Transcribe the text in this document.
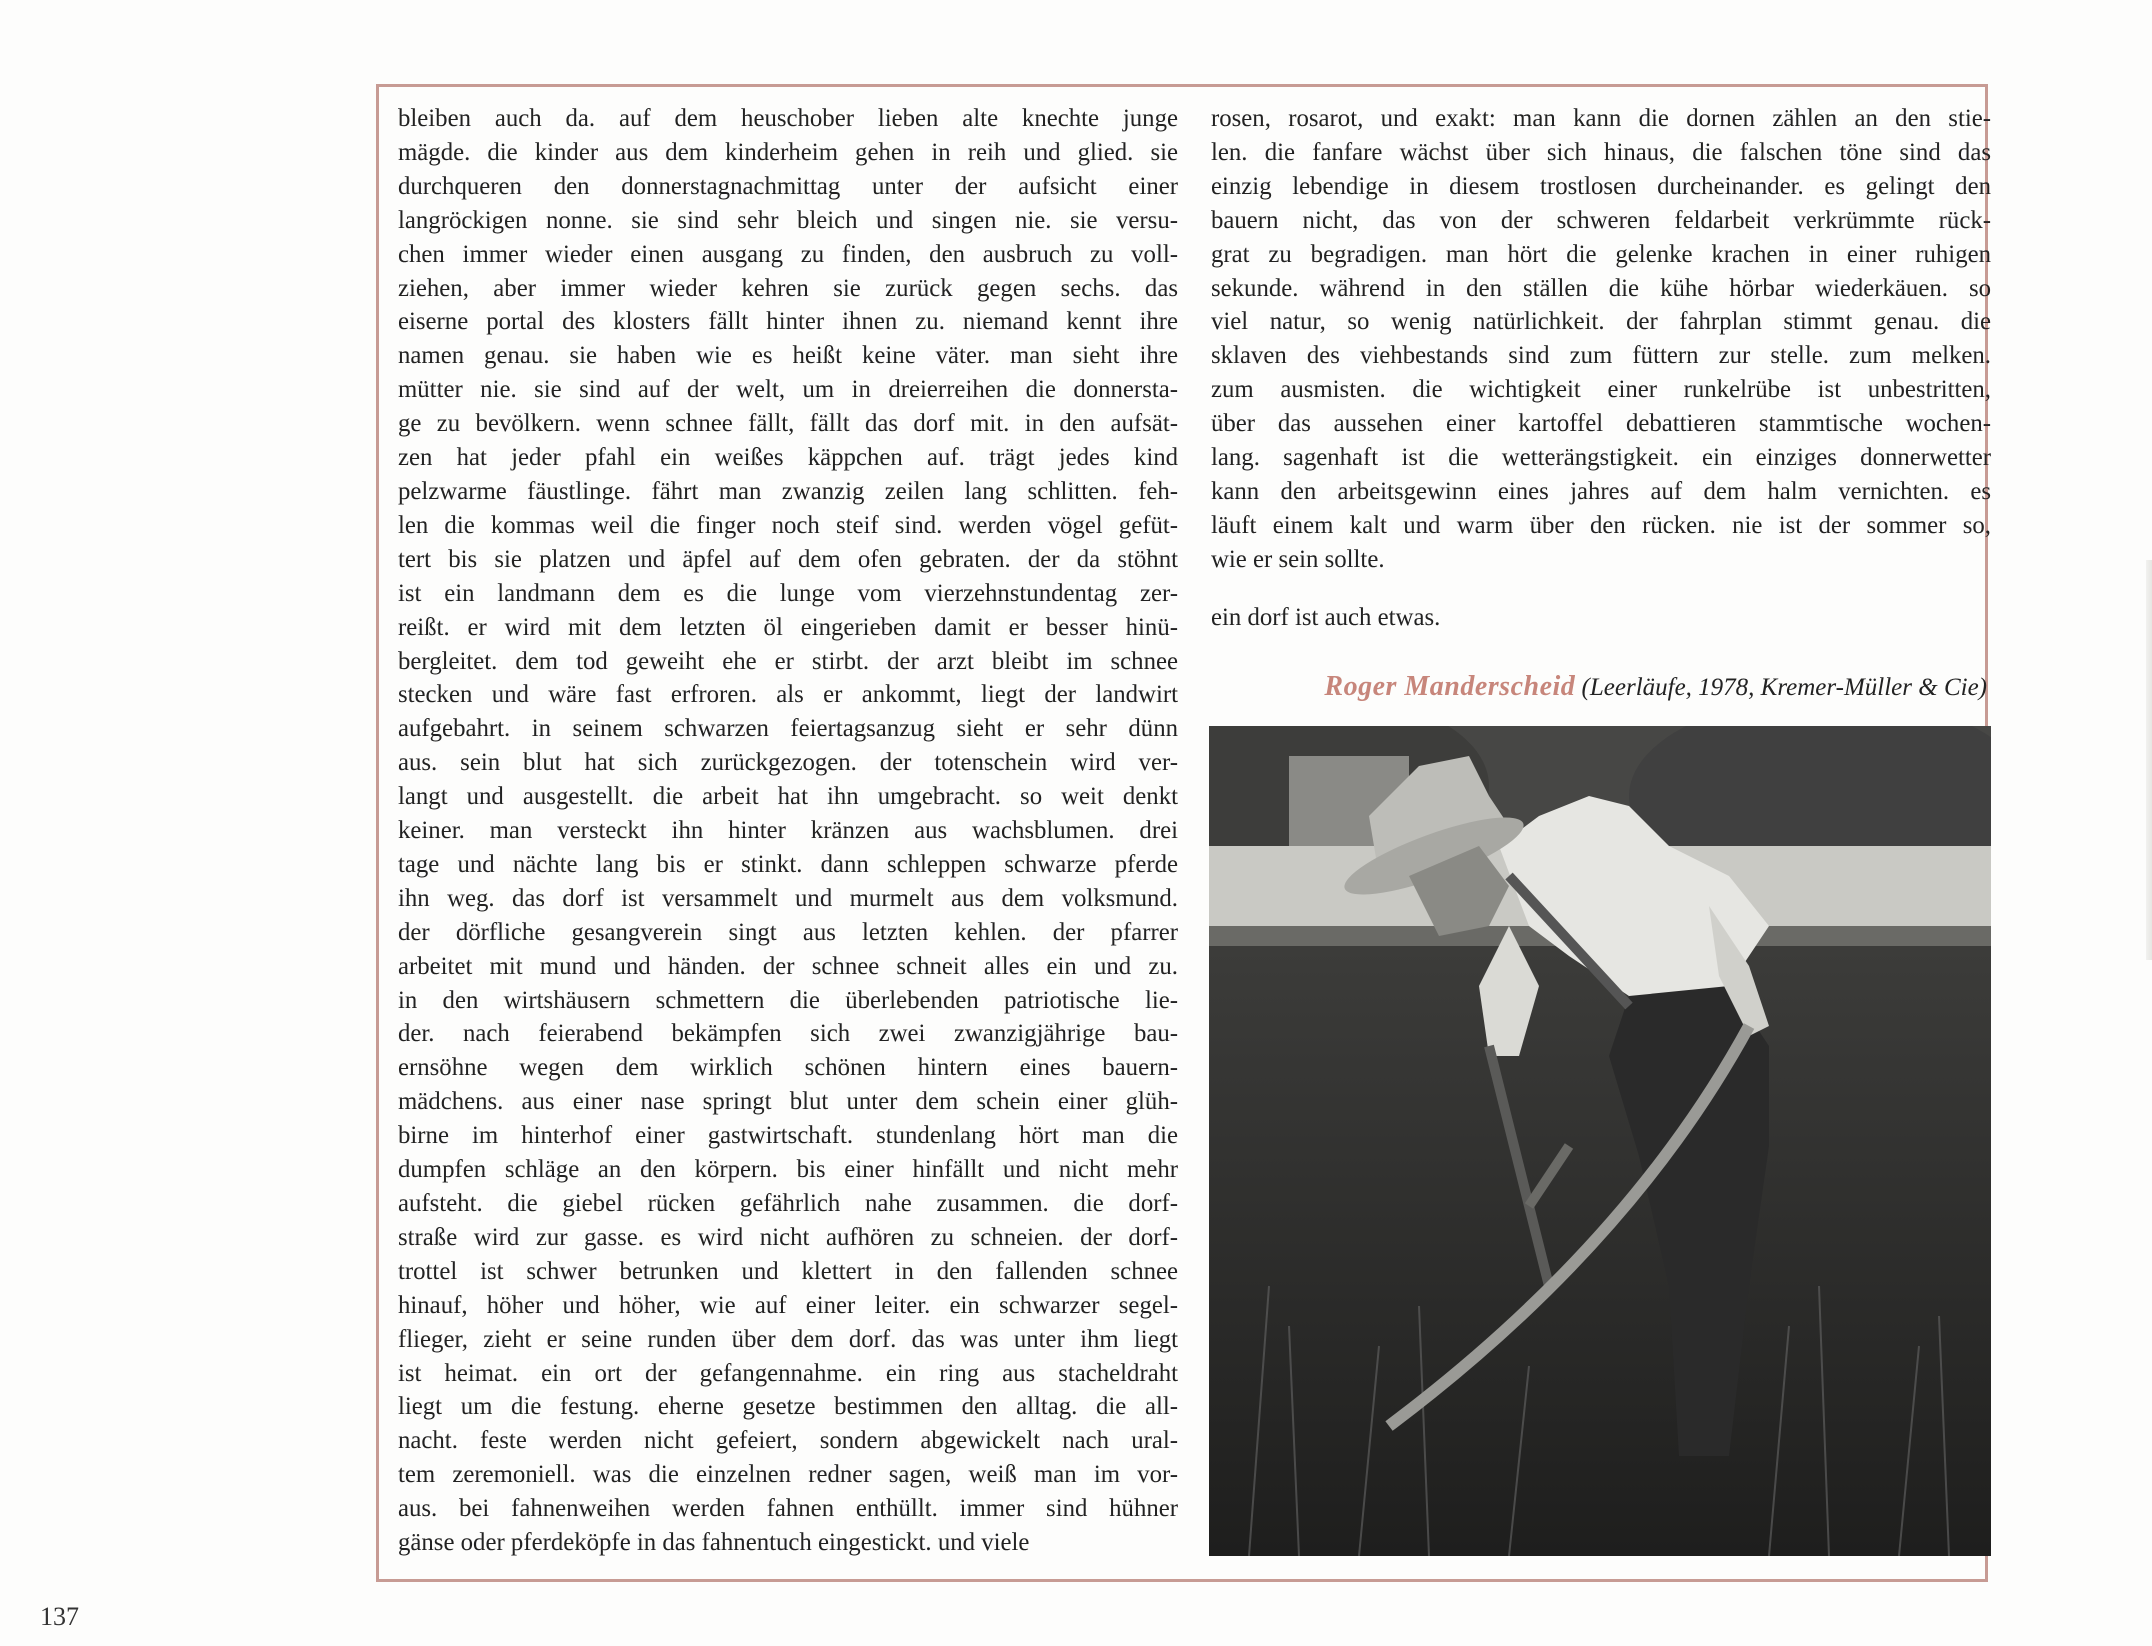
bleiben auch da. auf dem heuschober lieben alte knechte junge
mägde. die kinder aus dem kinderheim gehen in reih und glied. sie
durchqueren den donnerstagnachmittag unter der aufsicht einer
langröckigen nonne. sie sind sehr bleich und singen nie. sie versu-
chen immer wieder einen ausgang zu finden, den ausbruch zu voll-
ziehen, aber immer wieder kehren sie zurück gegen sechs. das
eiserne portal des klosters fällt hinter ihnen zu. niemand kennt ihre
namen genau. sie haben wie es heißt keine väter. man sieht ihre
mütter nie. sie sind auf der welt, um in dreierreihen die donnersta-
ge zu bevölkern. wenn schnee fällt, fällt das dorf mit. in den aufsät-
zen hat jeder pfahl ein weißes käppchen auf. trägt jedes kind
pelzwarme fäustlinge. fährt man zwanzig zeilen lang schlitten. feh-
len die kommas weil die finger noch steif sind. werden vögel gefüt-
tert bis sie platzen und äpfel auf dem ofen gebraten. der da stöhnt
ist ein landmann dem es die lunge vom vierzehnstundentag zer-
reißt. er wird mit dem letzten öl eingerieben damit er besser hinü-
bergleitet. dem tod geweiht ehe er stirbt. der arzt bleibt im schnee
stecken und wäre fast erfroren. als er ankommt, liegt der landwirt
aufgebahrt. in seinem schwarzen feiertagsanzug sieht er sehr dünn
aus. sein blut hat sich zurückgezogen. der totenschein wird ver-
langt und ausgestellt. die arbeit hat ihn umgebracht. so weit denkt
keiner. man versteckt ihn hinter kränzen aus wachsblumen. drei
tage und nächte lang bis er stinkt. dann schleppen schwarze pferde
ihn weg. das dorf ist versammelt und murmelt aus dem volksmund.
der dörfliche gesangverein singt aus letzten kehlen. der pfarrer
arbeitet mit mund und händen. der schnee schneit alles ein und zu.
in den wirtshäusern schmettern die überlebenden patriotische lie-
der. nach feierabend bekämpfen sich zwei zwanzigjährige bau-
ernsöhne wegen dem wirklich schönen hintern eines bauern-
mädchens. aus einer nase springt blut unter dem schein einer glüh-
birne im hinterhof einer gastwirtschaft. stundenlang hört man die
dumpfen schläge an den körpern. bis einer hinfällt und nicht mehr
aufsteht. die giebel rücken gefährlich nahe zusammen. die dorf-
straße wird zur gasse. es wird nicht aufhören zu schneien. der dorf-
trottel ist schwer betrunken und klettert in den fallenden schnee
hinauf, höher und höher, wie auf einer leiter. ein schwarzer segel-
flieger, zieht er seine runden über dem dorf. das was unter ihm liegt
ist heimat. ein ort der gefangennahme. ein ring aus stacheldraht
liegt um die festung. eherne gesetze bestimmen den alltag. die all-
nacht. feste werden nicht gefeiert, sondern abgewickelt nach ural-
tem zeremoniell. was die einzelnen redner sagen, weiß man im vor-
aus. bei fahnenweihen werden fahnen enthüllt. immer sind hühner
gänse oder pferdeköpfe in das fahnentuch eingestickt. und viele

rosen, rosarot, und exakt: man kann die dornen zählen an den stie-
len. die fanfare wächst über sich hinaus, die falschen töne sind das
einzig lebendige in diesem trostlosen durcheinander. es gelingt den
bauern nicht, das von der schweren feldarbeit verkrümmte rück-
grat zu begradigen. man hört die gelenke krachen in einer ruhigen
sekunde. während in den ställen die kühe hörbar wiederkäuen. so
viel natur, so wenig natürlichkeit. der fahrplan stimmt genau. die
sklaven des viehbestands sind zum füttern zur stelle. zum melken.
zum ausmisten. die wichtigkeit einer runkelrübe ist unbestritten,
über das aussehen einer kartoffel debattieren stammtische wochen-
lang. sagenhaft ist die wetterängstigkeit. ein einziges donnerwetter
kann den arbeitsgewinn eines jahres auf dem halm vernichten. es
läuft einem kalt und warm über den rücken. nie ist der sommer so,
wie er sein sollte.

ein dorf ist auch etwas.
Roger Manderscheid (Leerläufe, 1978, Kremer-Müller & Cie)
137
